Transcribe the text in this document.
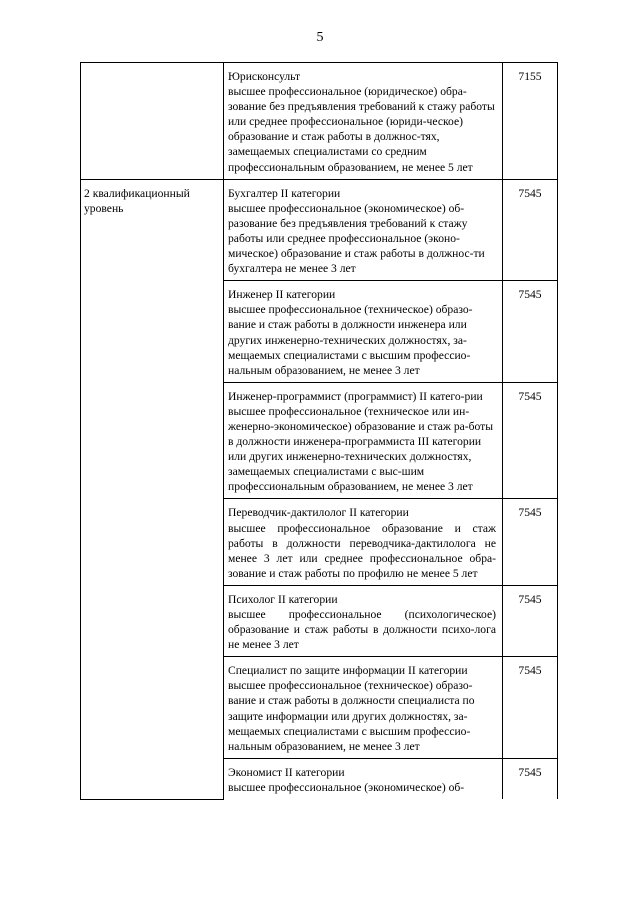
5

	Юрисконсульт
высшее профессиональное (юридическое) обра-зование без предъявления требований к стажу работы или среднее профессиональное (юриди-ческое) образование и стаж работы в должнос-тях, замещаемых специалистами со средним профессиональным образованием, не менее 5 лет	7155
2 квалификационный уровень	Бухгалтер II категории
высшее профессиональное (экономическое) об-разование без предъявления требований к стажу работы или среднее профессиональное (эконо-мическое) образование и стаж работы в должнос-ти бухгалтера не менее 3 лет	7545

	Инженер II категории
высшее профессиональное (техническое) образо-вание и стаж работы в должности инженера или других инженерно-технических должностях, за-мещаемых специалистами с высшим профессио-нальным образованием, не менее 3 лет	7545

	Инженер-программист (программист) II катего-рии
высшее профессиональное (техническое или ин-женерно-экономическое) образование и стаж ра-боты в должности инженера-программиста III категории или других инженерно-технических должностях, замещаемых специалистами с выс-шим профессиональным образованием, не менее 3 лет	7545

	Переводчик-дактилолог II категории
высшее профессиональное образование и стаж работы в должности переводчика-дактилолога не менее 3 лет или среднее профессиональное обра-зование и стаж работы по профилю не менее 5 лет	7545

	Психолог II категории
высшее профессиональное (психологическое) образование и стаж работы в должности психо-лога не менее 3 лет	7545

	Специалист по защите информации II категории
высшее профессиональное (техническое) образо-вание и стаж работы в должности специалиста по защите информации или других должностях, за-мещаемых специалистами с высшим профессио-нальным образованием, не менее 3 лет	7545

	Экономист II категории
высшее профессиональное (экономическое) об-	7545
